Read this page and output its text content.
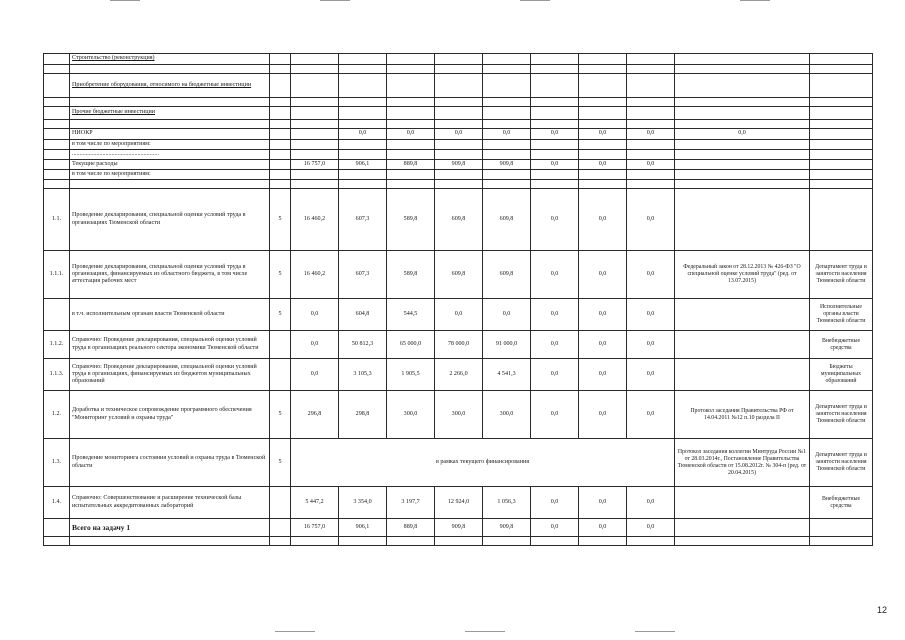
	Строительство (реконструкция)											

	Приобретение оборудования, относимого на бюджетные инвестиции											

	Прочие бюджетные инвестиции											

	НИОКР			0,0	0,0	0,0	0,0	0,0	0,0	0,0	0,0	
	в том числе по мероприятиям:											
	.........................................................											
	Текущие расходы		16 757,0	906,1	889,8	909,8	909,8	0,0	0,0	0,0		
	в том числе по мероприятиям:											

1.1.	Проведение декларирования, специальной оценки условий труда в организациях Тюменской области	5	16 460,2	607,3	589,8	609,8	609,8	0,0	0,0	0,0		
1.1.1.	Проведение декларирования, специальной оценки условий труда в организациях, финансируемых из областного бюджета, в том числе аттестация рабочих мест	5	16 460,2	607,3	589,8	609,8	609,8	0,0	0,0	0,0	Федеральный закон от 28.12.2013 № 426-ФЗ "О специальной оценке условий труда" (ред. от 13.07.2015)	Департамент труда и занятости населения Тюменской области
	в т.ч. исполнительным органам власти Тюменской области	5	0,0	604,8	544,5	0,0	0,0	0,0	0,0	0,0		Исполнительные органы власти Тюменской области
1.1.2.	Справочно: Проведение декларирования, специальной оценки условий труда в организациях реального сектора экономики Тюменской области		0,0	50 812,3	65 000,0	78 000,0	91 000,0	0,0	0,0	0,0		Внебюджетные средства
1.1.3.	Справочно: Проведение декларирования, специальной оценки условий труда в организациях, финансируемых из бюджетов муниципальных образований		0,0	3 105,3	1 905,5	2 266,0	4 541,3	0,0	0,0	0,0		Бюджеты муниципальных образований
1.2.	Доработка и техническое сопровождение программного обеспечения "Мониторинг условий и охраны труда"	5	296,8	298,8	300,0	300,0	300,0	0,0	0,0	0,0	Протокол заседания Правительства РФ от 14.04.2011 №12 п.10 раздела II	Департамент труда и занятости населения Тюменской области
1.3.	Проведение мониторинга состояния условий и охраны труда в Тюменской области	5	в рамках текущего финансирования								Протокол заседания коллегии Минтруда России №1 от 28.03.2014г., Постановление Правительства Тюменской области от 15.08.2012г. № 304-п (ред. от 20.04.2015)	Департамент труда и занятости населения Тюменской области
1.4.	Справочно: Совершенствование и расширение технической базы испытательных аккредитованных лабораторий		5 447,2	3 354,0	3 197,7	12 924,0	1 056,3	0,0	0,0	0,0		Внебюджетные средства
	Всего на задачу 1		16 757,0	906,1	889,8	909,8	909,8	0,0	0,0	0,0		

12
